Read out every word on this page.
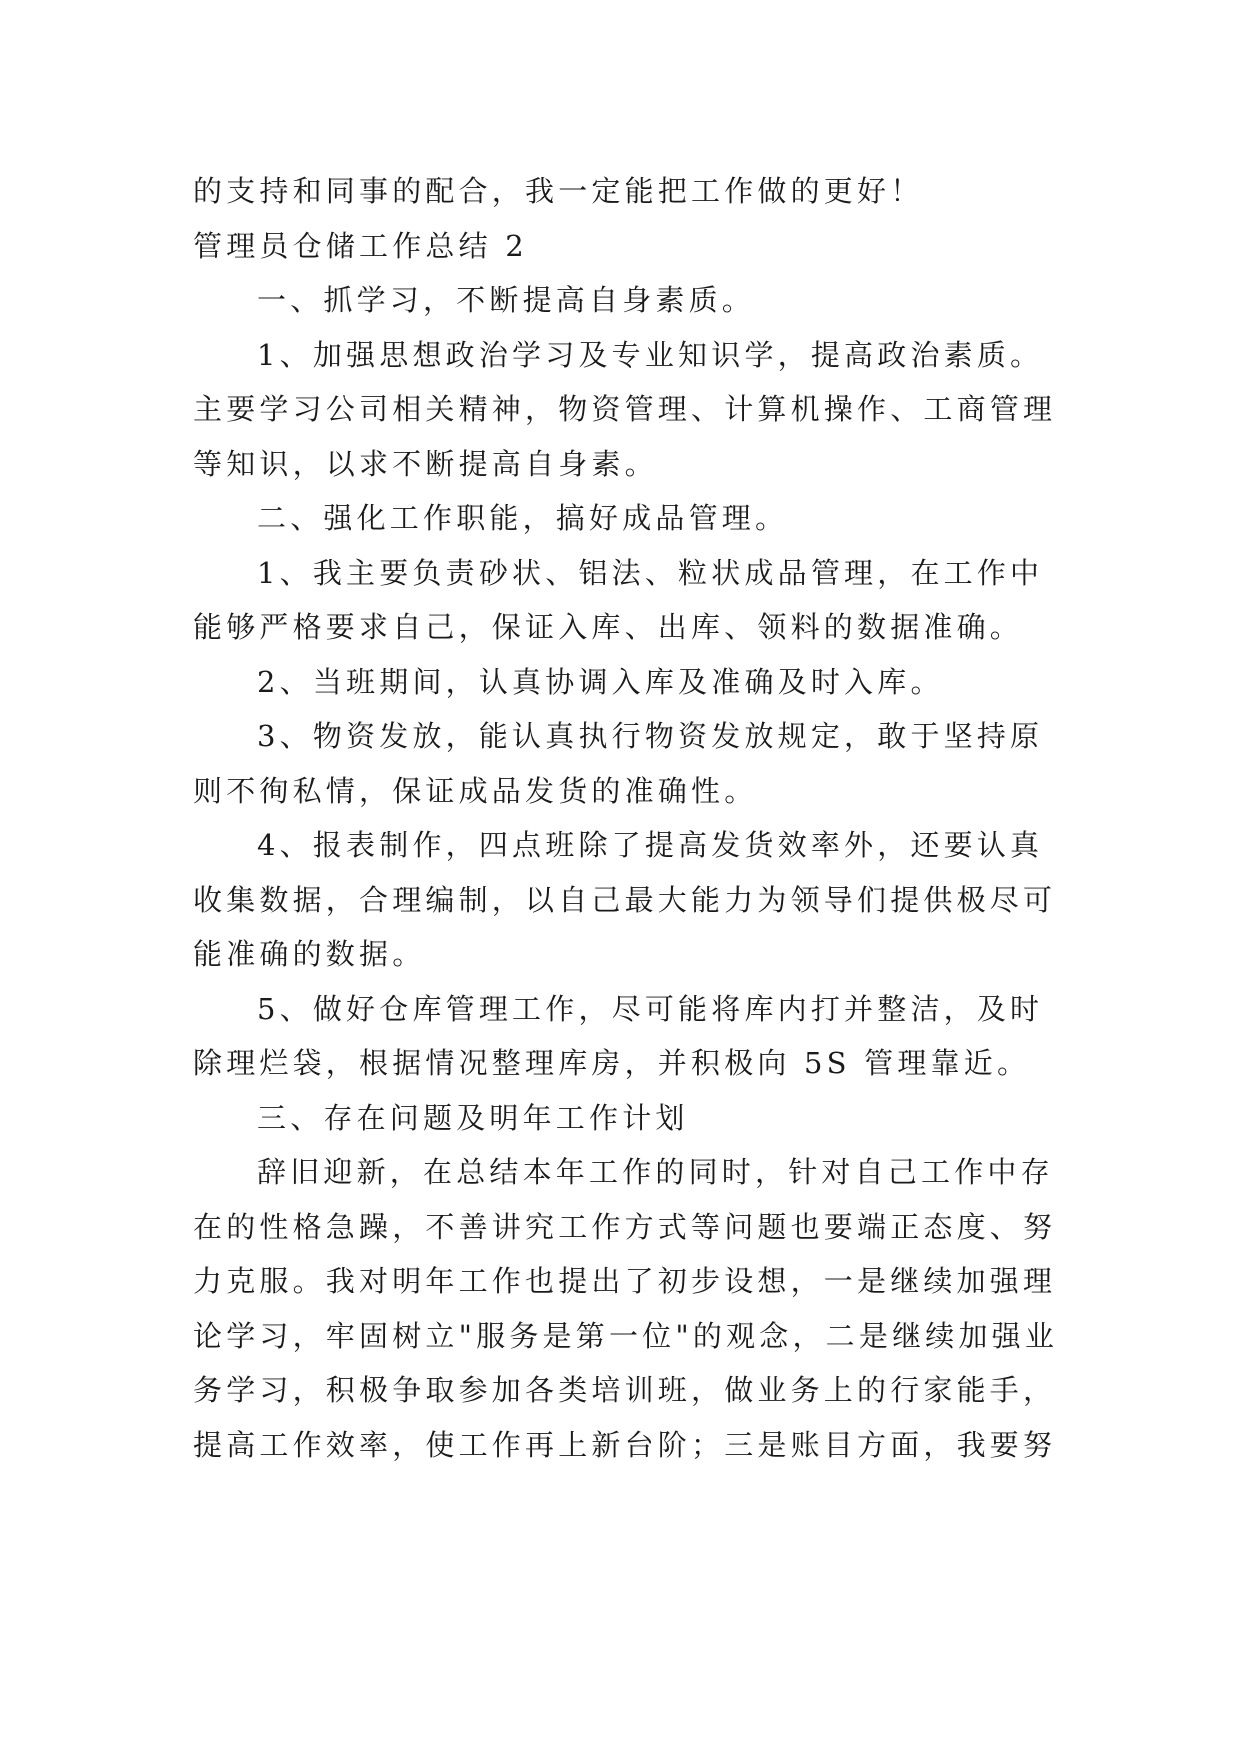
的支持和同事的配合，我一定能把工作做的更好！
管理员仓储工作总结 2
一、抓学习，不断提高自身素质。
1、加强思想政治学习及专业知识学，提高政治素质。
主要学习公司相关精神，物资管理、计算机操作、工商管理
等知识，以求不断提高自身素。
二、强化工作职能，搞好成品管理。
1、我主要负责砂状、铝法、粒状成品管理，在工作中
能够严格要求自己，保证入库、出库、领料的数据准确。
2、当班期间，认真协调入库及准确及时入库。
3、物资发放，能认真执行物资发放规定，敢于坚持原
则不徇私情，保证成品发货的准确性。
4、报表制作，四点班除了提高发货效率外，还要认真
收集数据，合理编制，以自己最大能力为领导们提供极尽可
能准确的数据。
5、做好仓库管理工作，尽可能将库内打并整洁，及时
除理烂袋，根据情况整理库房，并积极向 5S 管理靠近。
三、存在问题及明年工作计划
辞旧迎新，在总结本年工作的同时，针对自己工作中存
在的性格急躁，不善讲究工作方式等问题也要端正态度、努
力克服。我对明年工作也提出了初步设想，一是继续加强理
论学习，牢固树立"服务是第一位"的观念，二是继续加强业
务学习，积极争取参加各类培训班，做业务上的行家能手，
提高工作效率，使工作再上新台阶；三是账目方面，我要努
